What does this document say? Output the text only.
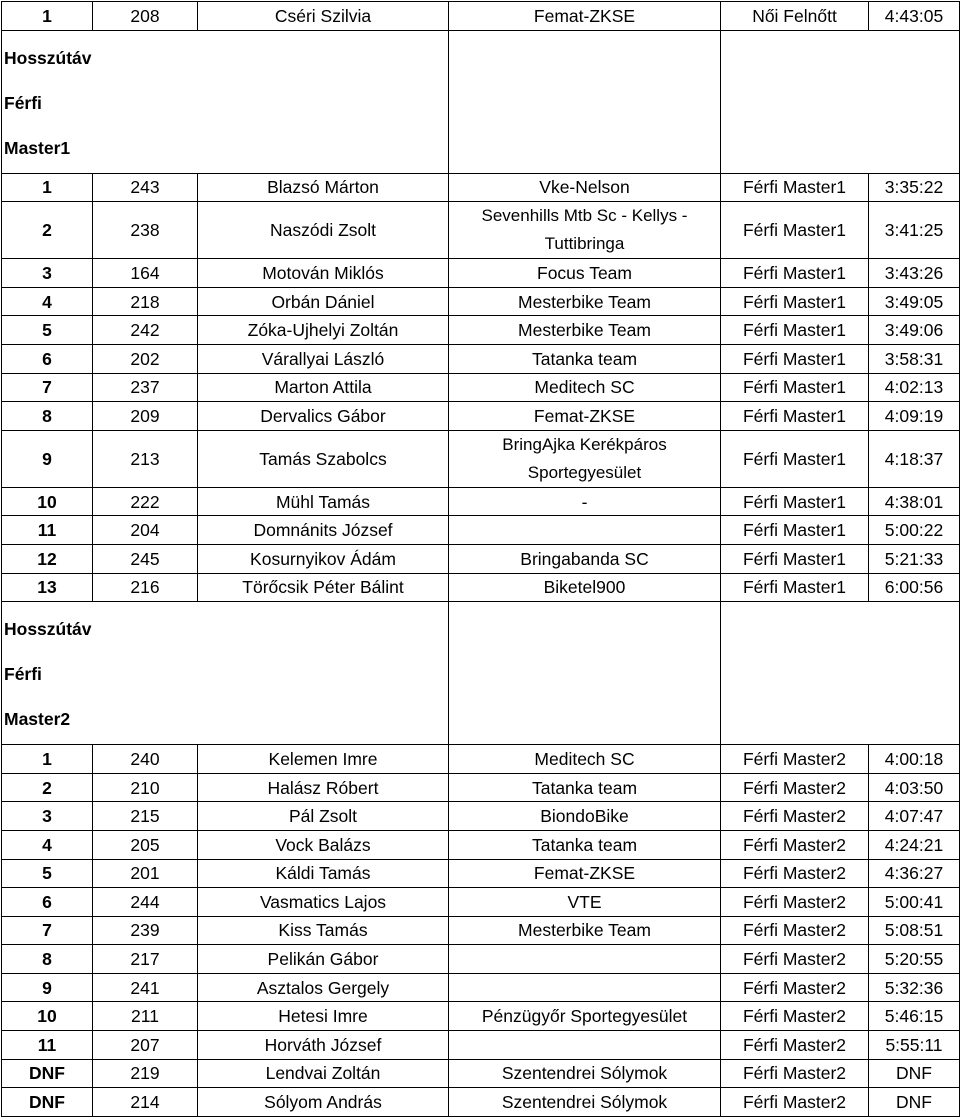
1	208	Cséri Szilvia	Femat-ZKSE	Női Felnőtt	4:43:05

Hosszútáv
Férfi
Master1					

1	243	Blazsó Márton	Vke-Nelson	Férfi Master1	3:35:22
2	238	Naszódi Zsolt	Sevenhills Mtb Sc - Kellys - Tuttibringa	Férfi Master1	3:41:25
3	164	Motován Miklós	Focus Team	Férfi Master1	3:43:26
4	218	Orbán Dániel	Mesterbike Team	Férfi Master1	3:49:05
5	242	Zóka-Ujhelyi Zoltán	Mesterbike Team	Férfi Master1	3:49:06
6	202	Várallyai László	Tatanka team	Férfi Master1	3:58:31
7	237	Marton Attila	Meditech SC	Férfi Master1	4:02:13
8	209	Dervalics Gábor	Femat-ZKSE	Férfi Master1	4:09:19
9	213	Tamás Szabolcs	BringAjka Kerékpáros Sportegyesület	Férfi Master1	4:18:37
10	222	Mühl Tamás	-	Férfi Master1	4:38:01
11	204	Domnánits József		Férfi Master1	5:00:22
12	245	Kosurnyikov Ádám	Bringabanda SC	Férfi Master1	5:21:33
13	216	Törőcsik Péter Bálint	Biketel900	Férfi Master1	6:00:56

Hosszútáv
Férfi
Master2					

1	240	Kelemen Imre	Meditech SC	Férfi Master2	4:00:18
2	210	Halász Róbert	Tatanka team	Férfi Master2	4:03:50
3	215	Pál Zsolt	BiondoBike	Férfi Master2	4:07:47
4	205	Vock Balázs	Tatanka team	Férfi Master2	4:24:21
5	201	Káldi Tamás	Femat-ZKSE	Férfi Master2	4:36:27
6	244	Vasmatics Lajos	VTE	Férfi Master2	5:00:41
7	239	Kiss Tamás	Mesterbike Team	Férfi Master2	5:08:51
8	217	Pelikán Gábor		Férfi Master2	5:20:55
9	241	Asztalos Gergely		Férfi Master2	5:32:36
10	211	Hetesi Imre	Pénzügyőr Sportegyesület	Férfi Master2	5:46:15
11	207	Horváth József		Férfi Master2	5:55:11
DNF	219	Lendvai Zoltán	Szentendrei Sólymok	Férfi Master2	DNF
DNF	214	Sólyom András	Szentendrei Sólymok	Férfi Master2	DNF
